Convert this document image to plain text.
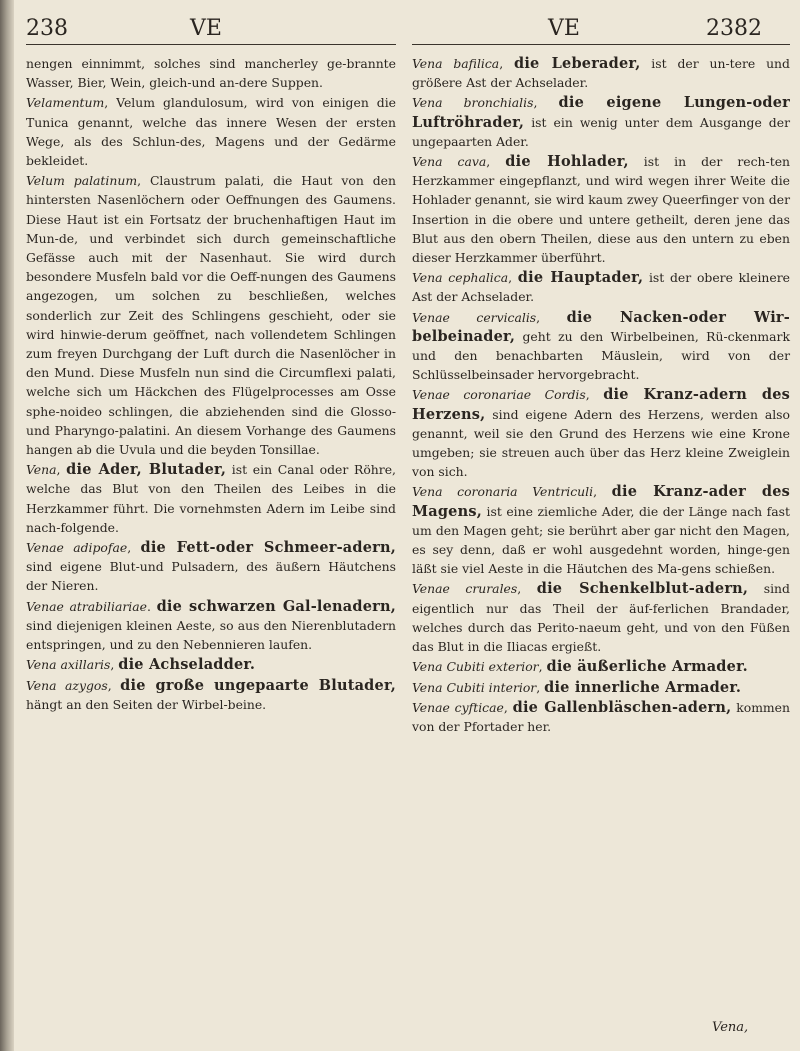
238	VE	VE	2382

nengen einnimmt, solches sind mancherley ge-brannte Wasser, Bier, Wein, gleich-und an-dere Suppen.

Velamentum, Velum glandulosum, wird von einigen die Tunica genannt, welche das innere Wesen der ersten Wege, als des Schlun-des, Magens und der Gedärme bekleidet.

Velum palatinum, Claustrum palati, die Haut von den hintersten Nasenlöchern oder Oeffnungen des Gaumens. Diese Haut ist ein Fortsatz der bruchenhaftigen Haut im Mun-de, und verbindet sich durch gemeinschaftliche Gefässe auch mit der Nasenhaut. Sie wird durch besondere Musfeln bald vor die Oeff-nungen des Gaumens angezogen, um solchen zu beschließen, welches sonderlich zur Zeit des Schlingens geschieht, oder sie wird hinwie-derum geöffnet, nach vollendetem Schlingen zum freyen Durchgang der Luft durch die Nasenlöcher in den Mund. Diese Musfeln nun sind die Circumflexi palati, welche sich um Häckchen des Flügelprocesses am Osse sphe-noideo schlingen, die abziehenden sind die Glosso-und Pharyngo-palatini. An diesem Vorhange des Gaumens hangen ab die Uvula und die beyden Tonsillae.

Vena, die Ader, Blutader, ist ein Canal oder Röhre, welche das Blut von den Theilen des Leibes in die Herzkammer führt. Die vornehmsten Adern im Leibe sind nach-folgende.

Venae adipofae, die Fett-oder Schmeer-adern, sind eigene Blut-und Pulsadern, des äußern Häutchens der Nieren.

Venae atrabiliariae. die schwarzen Gal-lenadern, sind diejenigen kleinen Aeste, so aus den Nierenblutadern entspringen, und zu den Nebennieren laufen.

Vena axillaris, die Achseladder.

Vena azygos, die große ungepaarte Blutader, hängt an den Seiten der Wirbel-beine.

Vena bafilica, die Leberader, ist der un-tere und größere Ast der Achselader.

Vena bronchialis, die eigene Lungen-oder Luftröhrader, ist ein wenig unter dem Ausgange der ungepaarten Ader.

Vena cava, die Hohlader, ist in der rech-ten Herzkammer eingepflanzt, und wird wegen ihrer Weite die Hohlader genannt, sie wird kaum zwey Queerfinger von der Insertion in die obere und untere getheilt, deren jene das Blut aus den obern Theilen, diese aus den untern zu eben dieser Herzkammer überführt.

Vena cephalica, die Hauptader, ist der obere kleinere Ast der Achselader.

Venae cervicalis, die Nacken-oder Wir-belbeinader, geht zu den Wirbelbeinen, Rü-ckenmark und den benachbarten Mäuslein, wird von der Schlüsselbeinsader hervorgebracht.

Venae coronariae Cordis, die Kranz-adern des Herzens, sind eigene Adern des Herzens, werden also genannt, weil sie den Grund des Herzens wie eine Krone umgeben; sie streuen auch über das Herz kleine Zweiglein von sich.

Vena coronaria Ventriculi, die Kranz-ader des Magens, ist eine ziemliche Ader, die der Länge nach fast um den Magen geht; sie berührt aber gar nicht den Magen, es sey denn, daß er wohl ausgedehnt worden, hinge-gen läßt sie viel Aeste in die Häutchen des Ma-gens schießen.

Venae crurales, die Schenkelblut-adern, sind eigentlich nur das Theil der äuf-ferlichen Brandader, welches durch das Perito-naeum geht, und von den Füßen das Blut in die Iliacas ergießt.

Vena Cubiti exterior, die äußerliche Armader.

Vena Cubiti interior, die innerliche Armader.

Venae cyfticae, die Gallenbläschen-adern, kommen von der Pfortader her.

Vena,
